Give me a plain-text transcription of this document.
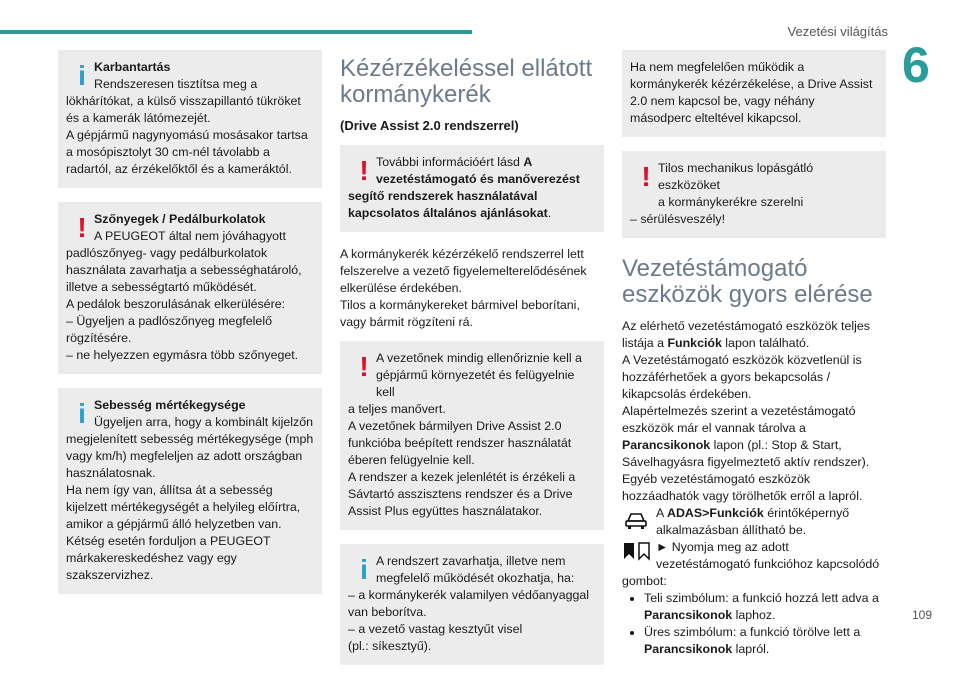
Vezetési világítás
6
109
i Karbantartás
Rendszeresen tisztítsa meg a

lökhárítókat, a külső visszapillantó tükröket és a kamerák látómezejét.
A gépjármű nagynyomású mosásakor tartsa a mosópisztolyt 30 cm-nél távolabb a radartól, az érzékelőktől és a kameráktól.

! Szőnyegek / Pedálburkolatok
A PEUGEOT által nem jóváhagyott

padlószőnyeg- vagy pedálburkolatok használata zavarhatja a sebességhatároló, illetve a sebességtartó működését.
A pedálok beszorulásának elkerülésére:
– Ügyeljen a padlószőnyeg megfelelő rögzítésére.
– ne helyezzen egymásra több szőnyeget.

i Sebesség mértékegysége
Ügyeljen arra, hogy a kombinált kijelzőn

megjelenített sebesség mértékegysége (mph vagy km/h) megfeleljen az adott országban használatosnak.
Ha nem így van, állítsa át a sebesség kijelzett mértékegységét a helyileg előírtra, amikor a gépjármű álló helyzetben van.
Kétség esetén forduljon a PEUGEOT márkakereskedéshez vagy egy szakszervizhez.

Kézérzékeléssel ellátott kormánykerék
(Drive Assist 2.0 rendszerrel)
! További információért lásd A
vezetéstámogató és manőverezést

segítő rendszerek használatával

kapcsolatos általános ajánlásokat.

A kormánykerék kézérzékelő rendszerrel lett felszerelve a vezető figyelemelterelődésének elkerülése érdekében.
Tilos a kormánykereket bármivel beborítani, vagy bármit rögzíteni rá.
! A vezetőnek mindig ellenőriznie kell a
gépjármű környezetét és felügyelnie kell

a teljes manővert.
A vezetőnek bármilyen Drive Assist 2.0 funkcióba beépített rendszer használatát éberen felügyelnie kell.
A rendszer a kezek jelenlétét is érzékeli a Sávtartó asszisztens rendszer és a Drive Assist Plus együttes használatakor.

i A rendszert zavarhatja, illetve nem
megfelelő működését okozhatja, ha:

– a kormánykerék valamilyen védőanyaggal van beborítva.
– a vezető vastag kesztyűt visel
(pl.: síkesztyű).

Ha nem megfelelően működik a kormánykerék kézérzékelése, a Drive Assist 2.0 nem kapcsol be, vagy néhány másodperc elteltével kikapcsol.

! Tilos mechanikus lopásgátló eszközöket
a kormánykerékre szerelni

– sérülésveszély!

Vezetéstámogató eszközök gyors elérése
Az elérhető vezetéstámogató eszközök teljes listája a Funkciók lapon található.
A Vezetéstámogató eszközök közvetlenül is hozzáférhetőek a gyors bekapcsolás / kikapcsolás érdekében.
Alapértelmezés szerint a vezetéstámogató eszközök már el vannak tárolva a Parancsikonok lapon (pl.: Stop & Start, Sávelhagyásra figyelmeztető aktív rendszer).
Egyéb vezetéstámogató eszközök hozzáadhatók vagy törölhetők erről a lapról.
A ADAS>Funkciók érintőképernyő alkalmazásban állítható be.
► Nyomja meg az adott vezetéstámogató funkcióhoz kapcsolódó
gombot:
• Teli szimbólum: a funkció hozzá lett adva a Parancsikonok laphoz.
• Üres szimbólum: a funkció törölve lett a Parancsikonok lapról.
